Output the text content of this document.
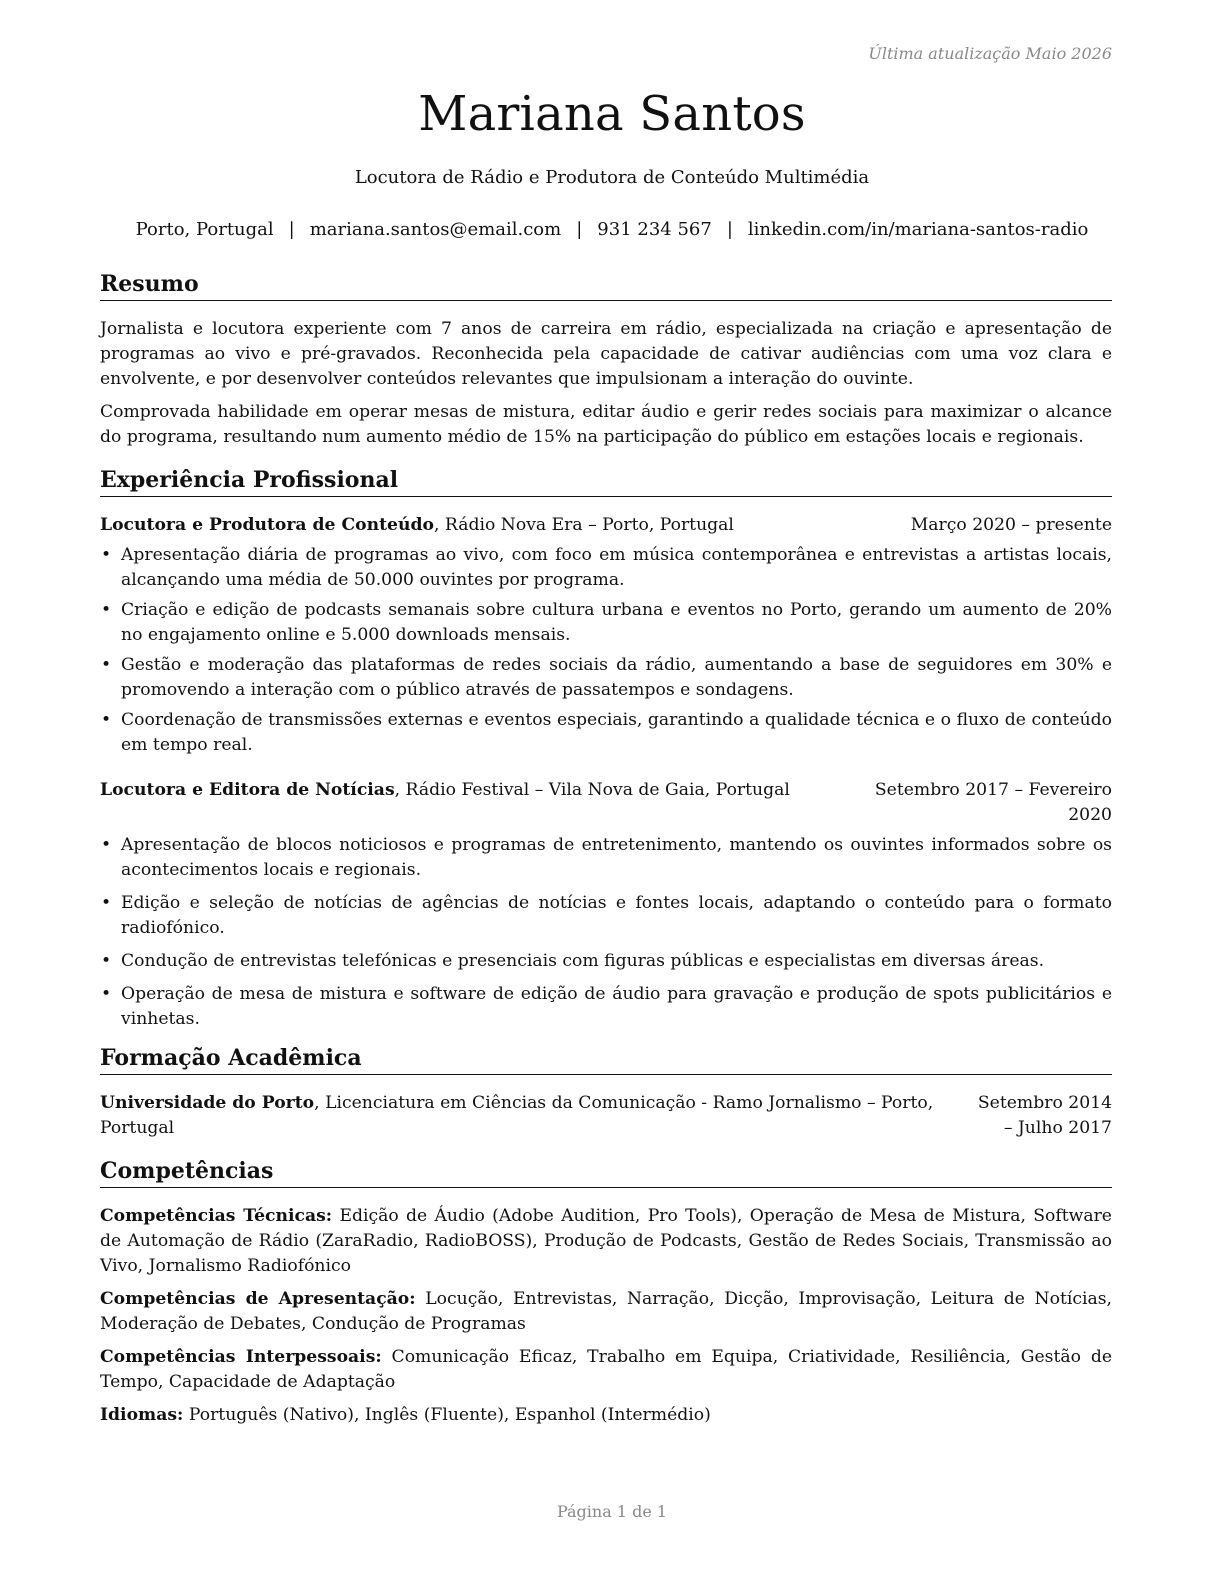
Última atualização Maio 2026
Mariana Santos
Locutora de Rádio e Produtora de Conteúdo Multimédia
Porto, Portugal | mariana.santos@email.com | 931 234 567 | linkedin.com/in/mariana-santos-radio
Resumo

Jornalista e locutora experiente com 7 anos de carreira em rádio, especializada na criação e apresentação de programas ao vivo e pré-gravados. Reconhecida pela capacidade de cativar audiências com uma voz clara e envolvente, e por desenvolver conteúdos relevantes que impulsionam a interação do ouvinte.

Comprovada habilidade em operar mesas de mistura, editar áudio e gerir redes sociais para maximizar o alcance do programa, resultando num aumento médio de 15% na participação do público em estações locais e regionais.

Experiência Profissional
Locutora e Produtora de Conteúdo, Rádio Nova Era – Porto, Portugal	Março 2020 – presente
• Apresentação diária de programas ao vivo, com foco em música contemporânea e entrevistas a artistas locais, alcançando uma média de 50.000 ouvintes por programa.
• Criação e edição de podcasts semanais sobre cultura urbana e eventos no Porto, gerando um aumento de 20% no engajamento online e 5.000 downloads mensais.
• Gestão e moderação das plataformas de redes sociais da rádio, aumentando a base de seguidores em 30% e promovendo a interação com o público através de passatempos e sondagens.
• Coordenação de transmissões externas e eventos especiais, garantindo a qualidade técnica e o fluxo de conteúdo em tempo real.
Locutora e Editora de Notícias, Rádio Festival – Vila Nova de Gaia, Portugal	Setembro 2017 – Fevereiro 2020
• Apresentação de blocos noticiosos e programas de entretenimento, mantendo os ouvintes informados sobre os acontecimentos locais e regionais.
• Edição e seleção de notícias de agências de notícias e fontes locais, adaptando o conteúdo para o formato radiofónico.
• Condução de entrevistas telefónicas e presenciais com figuras públicas e especialistas em diversas áreas.
• Operação de mesa de mistura e software de edição de áudio para gravação e produção de spots publicitários e vinhetas.
Formação Acadêmica
Universidade do Porto, Licenciatura em Ciências da Comunicação - Ramo Jornalismo – Porto, Portugal
Setembro 2014 – Julho 2017
Competências

Competências Técnicas: Edição de Áudio (Adobe Audition, Pro Tools), Operação de Mesa de Mistura, Software de Automação de Rádio (ZaraRadio, RadioBOSS), Produção de Podcasts, Gestão de Redes Sociais, Transmissão ao Vivo, Jornalismo Radiofónico

Competências de Apresentação: Locução, Entrevistas, Narração, Dicção, Improvisação, Leitura de Notícias, Moderação de Debates, Condução de Programas

Competências Interpessoais: Comunicação Eficaz, Trabalho em Equipa, Criatividade, Resiliência, Gestão de Tempo, Capacidade de Adaptação

Idiomas: Português (Nativo), Inglês (Fluente), Espanhol (Intermédio)

Página 1 de 1
